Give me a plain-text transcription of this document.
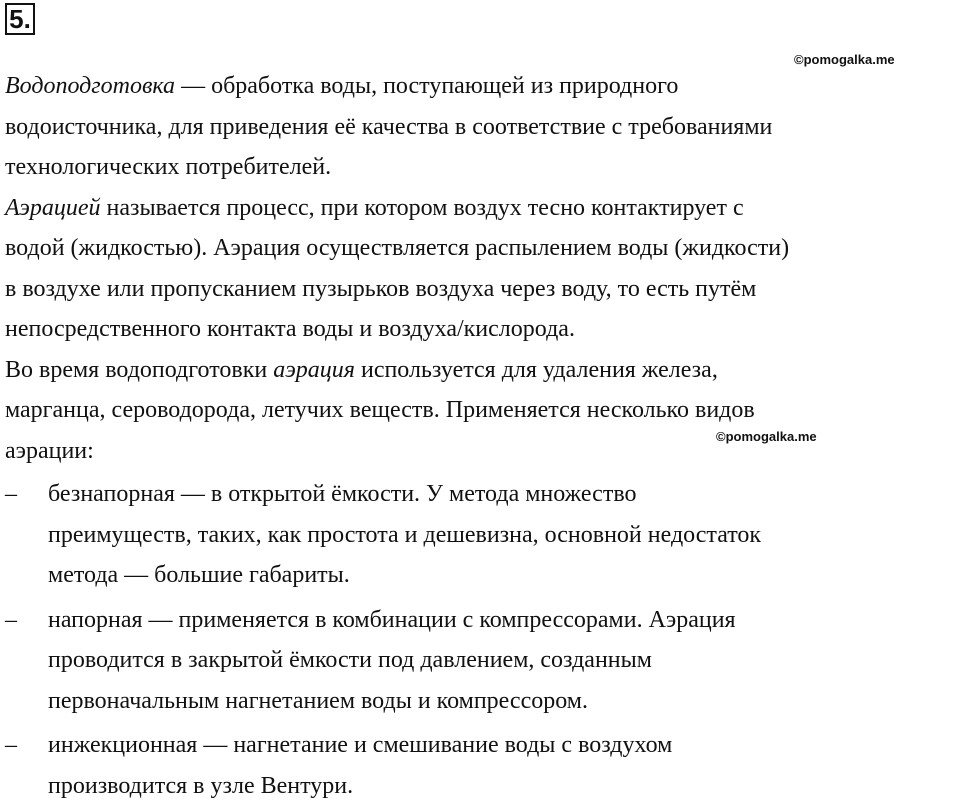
5.
©pomogalka.me
©pomogalka.me

Водоподготовка — обработка воды, поступающей из природного
водоисточника, для приведения её качества в соответствие с требованиями
технологических потребителей.

Аэрацией называется процесс, при котором воздух тесно контактирует с
водой (жидкостью). Аэрация осуществляется распылением воды (жидкости)
в воздухе или пропусканием пузырьков воздуха через воду, то есть путём
непосредственного контакта воды и воздуха/кислорода.

Во время водоподготовки аэрация используется для удаления железа,
марганца, сероводорода, летучих веществ. Применяется несколько видов
аэрации:

– безнапорная — в открытой ёмкости. У метода множество
преимуществ, таких, как простота и дешевизна, основной недостаток
метода — большие габариты.
– напорная — применяется в комбинации с компрессорами. Аэрация
проводится в закрытой ёмкости под давлением, созданным
первоначальным нагнетанием воды и компрессором.
– инжекционная — нагнетание и смешивание воды с воздухом
производится в узле Вентури.
